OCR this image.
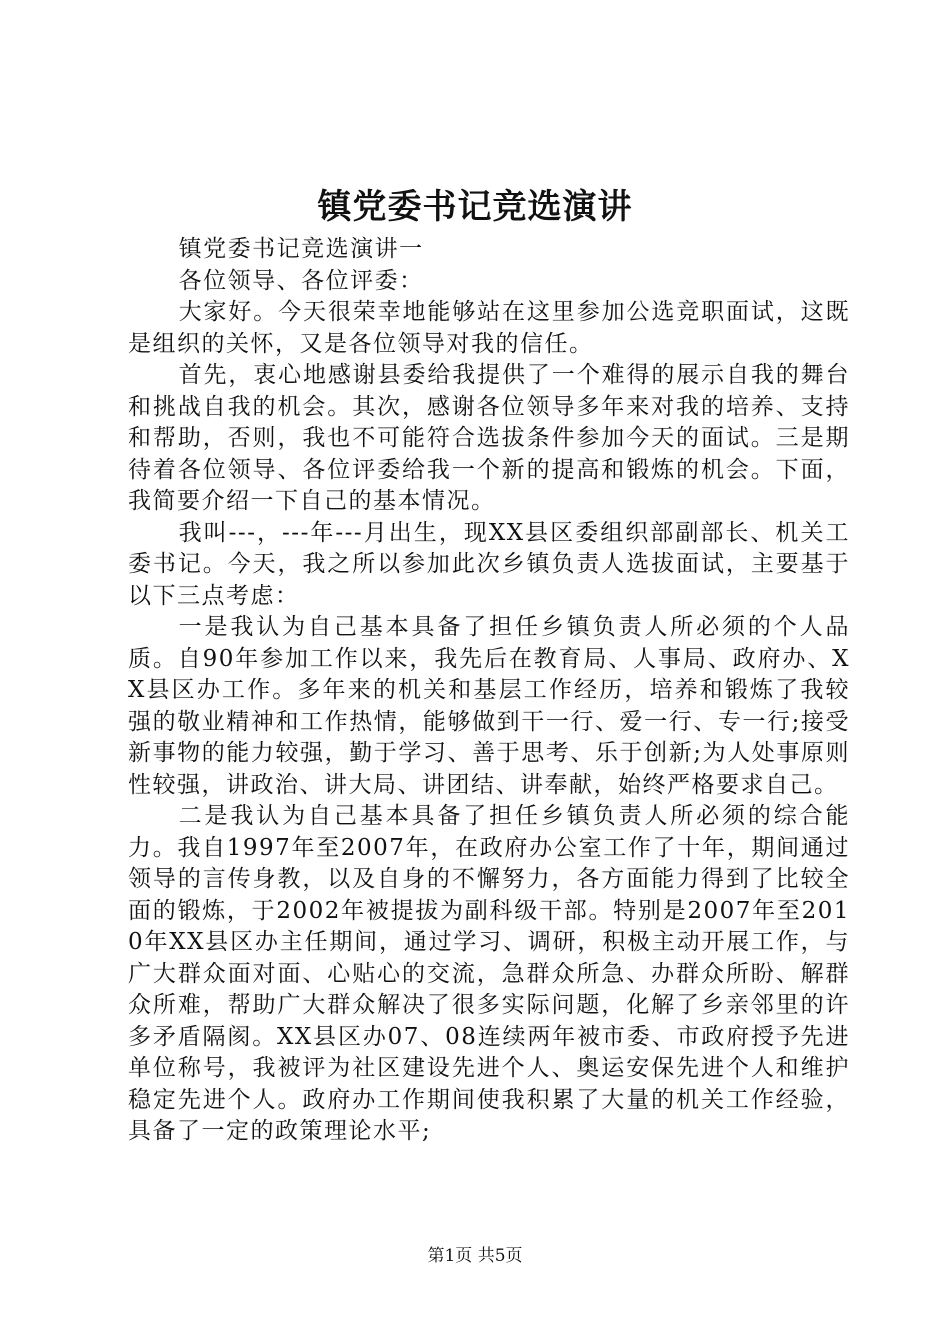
镇党委书记竞选演讲

镇党委书记竞选演讲一

各位领导、各位评委：

大家好。今天很荣幸地能够站在这里参加公选竞职面试，这既是组织的关怀，又是各位领导对我的信任。

首先，衷心地感谢县委给我提供了一个难得的展示自我的舞台和挑战自我的机会。其次，感谢各位领导多年来对我的培养、支持和帮助，否则，我也不可能符合选拔条件参加今天的面试。三是期待着各位领导、各位评委给我一个新的提高和锻炼的机会。下面，我简要介绍一下自己的基本情况。

我叫---，---年---月出生，现XX县区委组织部副部长、机关工委书记。今天，我之所以参加此次乡镇负责人选拔面试，主要基于以下三点考虑：

一是我认为自己基本具备了担任乡镇负责人所必须的个人品质。自90年参加工作以来，我先后在教育局、人事局、政府办、XX县区办工作。多年来的机关和基层工作经历，培养和锻炼了我较强的敬业精神和工作热情，能够做到干一行、爱一行、专一行;接受新事物的能力较强，勤于学习、善于思考、乐于创新;为人处事原则性较强，讲政治、讲大局、讲团结、讲奉献，始终严格要求自己。

二是我认为自己基本具备了担任乡镇负责人所必须的综合能力。我自1997年至2007年，在政府办公室工作了十年，期间通过领导的言传身教，以及自身的不懈努力，各方面能力得到了比较全面的锻炼，于2002年被提拔为副科级干部。特别是2007年至2010年XX县区办主任期间，通过学习、调研，积极主动开展工作，与广大群众面对面、心贴心的交流，急群众所急、办群众所盼、解群众所难，帮助广大群众解决了很多实际问题，化解了乡亲邻里的许多矛盾隔阂。XX县区办07、08连续两年被市委、市政府授予先进单位称号，我被评为社区建设先进个人、奥运安保先进个人和维护稳定先进个人。政府办工作期间使我积累了大量的机关工作经验，具备了一定的政策理论水平;

第1页 共5页
